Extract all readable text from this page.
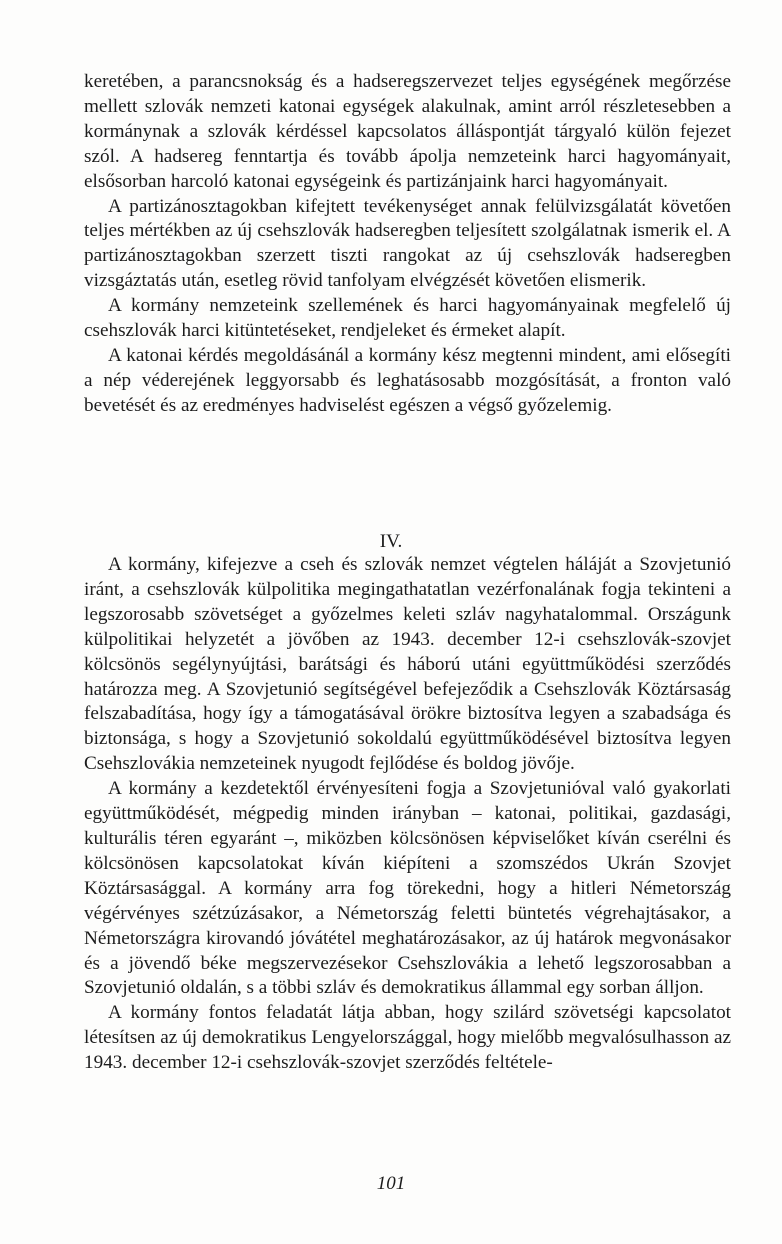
keretében, a parancsnokság és a hadseregszervezet teljes egységének megőrzése mellett szlovák nemzeti katonai egységek alakulnak, amint arról részletesebben a kormánynak a szlovák kérdéssel kapcsolatos álláspontját tárgyaló külön fejezet szól. A hadsereg fenntartja és tovább ápolja nemzeteink harci hagyományait, elsősorban harcoló katonai egységeink és partizánjaink harci hagyományait.

A partizánosztagokban kifejtett tevékenységet annak felülvizsgálatát követően teljes mértékben az új csehszlovák hadseregben teljesített szolgálatnak ismerik el. A partizánosztagokban szerzett tiszti rangokat az új csehszlovák hadseregben vizsgáztatás után, esetleg rövid tanfolyam elvégzését követően elismerik.

A kormány nemzeteink szellemének és harci hagyományainak megfelelő új csehszlovák harci kitüntetéseket, rendjeleket és érmeket alapít.

A katonai kérdés megoldásánál a kormány kész megtenni mindent, ami elősegíti a nép véderejének leggyorsabb és leghatásosabb mozgósítását, a fronton való bevetését és az eredményes hadviselést egészen a végső győzelemig.

IV.

A kormány, kifejezve a cseh és szlovák nemzet végtelen háláját a Szovjetunió iránt, a csehszlovák külpolitika megingathatatlan vezérfonalának fogja tekinteni a legszorosabb szövetséget a győzelmes keleti szláv nagyhatalommal. Országunk külpolitikai helyzetét a jövőben az 1943. december 12-i csehszlovák-szovjet kölcsönös segélynyújtási, barátsági és háború utáni együttműködési szerződés határozza meg. A Szovjetunió segítségével befejeződik a Csehszlovák Köztársaság felszabadítása, hogy így a támogatásával örökre biztosítva legyen a szabadsága és biztonsága, s hogy a Szovjetunió sokoldalú együttműködésével biztosítva legyen Csehszlovákia nemzeteinek nyugodt fejlődése és boldog jövője.

A kormány a kezdetektől érvényesíteni fogja a Szovjetunióval való gyakorlati együttműködését, mégpedig minden irányban – katonai, politikai, gazdasági, kulturális téren egyaránt –, miközben kölcsönösen képviselőket kíván cserélni és kölcsönösen kapcsolatokat kíván kiépíteni a szomszédos Ukrán Szovjet Köztársasággal. A kormány arra fog törekedni, hogy a hitleri Németország végérvényes szétzúzásakor, a Németország feletti büntetés végrehajtásakor, a Németországra kirovandó jóvátétel meghatározásakor, az új határok megvonásakor és a jövendő béke megszervezésekor Csehszlovákia a lehető legszorosabban a Szovjetunió oldalán, s a többi szláv és demokratikus állammal egy sorban álljon.

A kormány fontos feladatát látja abban, hogy szilárd szövetségi kapcsolatot létesítsen az új demokratikus Lengyelországgal, hogy mielőbb megvalósulhasson az 1943. december 12-i csehszlovák-szovjet szerződés feltétele-

101
